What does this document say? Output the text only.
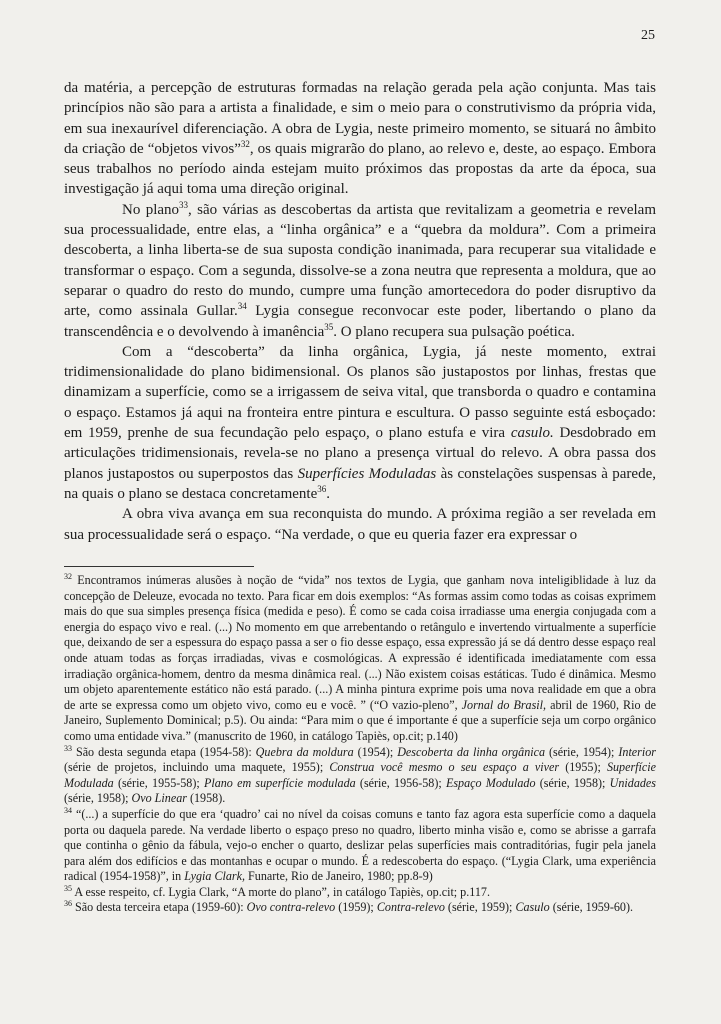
25

da matéria, a percepção de estruturas formadas na relação gerada pela ação conjunta. Mas tais princípios não são para a artista a finalidade, e sim o meio para o construtivismo da própria vida, em sua inexaurível diferenciação. A obra de Lygia, neste primeiro momento, se situará no âmbito da criação de “objetos vivos”$^{32}$, os quais migrarão do plano, ao relevo e, deste, ao espaço. Embora seus trabalhos no período ainda estejam muito próximos das propostas da arte da época, sua investigação já aqui toma uma direção original.

No plano$^{33}$, são várias as descobertas da artista que revitalizam a geometria e revelam sua processualidade, entre elas, a “linha orgânica” e a “quebra da moldura”. Com a primeira descoberta, a linha liberta-se de sua suposta condição inanimada, para recuperar sua vitalidade e transformar o espaço. Com a segunda, dissolve-se a zona neutra que representa a moldura, que ao separar o quadro do resto do mundo, cumpre uma função amortecedora do poder disruptivo da arte, como assinala Gullar.$^{34}$ Lygia consegue reconvocar este poder, libertando o plano da transcendência e o devolvendo à imanência$^{35}$. O plano recupera sua pulsação poética.

Com a “descoberta” da linha orgânica, Lygia, já neste momento, extrai tridimensionalidade do plano bidimensional. Os planos são justapostos por linhas, frestas que dinamizam a superfície, como se a irrigassem de seiva vital, que transborda o quadro e contamina o espaço. Estamos já aqui na fronteira entre pintura e escultura. O passo seguinte está esboçado: em 1959, prenhe de sua fecundação pelo espaço, o plano estufa e vira casulo. Desdobrado em articulações tridimensionais, revela-se no plano a presença virtual do relevo. A obra passa dos planos justapostos ou superpostos das Superfícies Moduladas às constelações suspensas à parede, na quais o plano se destaca concretamente$^{36}$.

A obra viva avança em sua reconquista do mundo. A próxima região a ser revelada em sua processualidade será o espaço. “Na verdade, o que eu queria fazer era expressar o

$^{32}$ Encontramos inúmeras alusões à noção de “vida” nos textos de Lygia, que ganham nova inteligiblidade à luz da concepção de Deleuze, evocada no texto. Para ficar em dois exemplos: “As formas assim como todas as coisas exprimem mais do que sua simples presença física (medida e peso). É como se cada coisa irradiasse uma energia conjugada com a energia do espaço vivo e real. (...) No momento em que arrebentando o retângulo e invertendo virtualmente a superfície que, deixando de ser a espessura do espaço passa a ser o fio desse espaço, essa expressão já se dá dentro desse espaço real onde atuam todas as forças irradiadas, vivas e cosmológicas. A expressão é identificada imediatamente com essa irradiação orgânica-homem, dentro da mesma dinâmica real. (...) Não existem coisas estáticas. Tudo é dinâmica. Mesmo um objeto aparentemente estático não está parado. (...) A minha pintura exprime pois uma nova realidade em que a obra de arte se expressa como um objeto vivo, como eu e você. ” (“O vazio-pleno”, Jornal do Brasil, abril de 1960, Rio de Janeiro, Suplemento Dominical; p.5). Ou ainda: “Para mim o que é importante é que a superfície seja um corpo orgânico como uma entidade viva.” (manuscrito de 1960, in catálogo Tapiès, op.cit; p.140)

$^{33}$ São desta segunda etapa (1954-58): Quebra da moldura (1954); Descoberta da linha orgânica (série, 1954); Interior (série de projetos, incluindo uma maquete, 1955); Construa você mesmo o seu espaço a viver (1955); Superfície Modulada (série, 1955-58); Plano em superfície modulada (série, 1956-58); Espaço Modulado (série, 1958); Unidades (série, 1958); Ovo Linear (1958).

$^{34}$ “(...) a superfície do que era ‘quadro’ cai no nível da coisas comuns e tanto faz agora esta superfície como a daquela porta ou daquela parede. Na verdade liberto o espaço preso no quadro, liberto minha visão e, como se abrisse a garrafa que continha o gênio da fábula, vejo-o encher o quarto, deslizar pelas superfícies mais contraditórias, fugir pela janela para além dos edifícios e das montanhas e ocupar o mundo. É a redescoberta do espaço. (“Lygia Clark, uma experiência radical (1954-1958)”, in Lygia Clark, Funarte, Rio de Janeiro, 1980; pp.8-9)

$^{35}$ A esse respeito, cf. Lygia Clark, “A morte do plano”, in catálogo Tapiès, op.cit; p.117.

$^{36}$ São desta terceira etapa (1959-60): Ovo contra-relevo (1959); Contra-relevo (série, 1959); Casulo (série, 1959-60).
